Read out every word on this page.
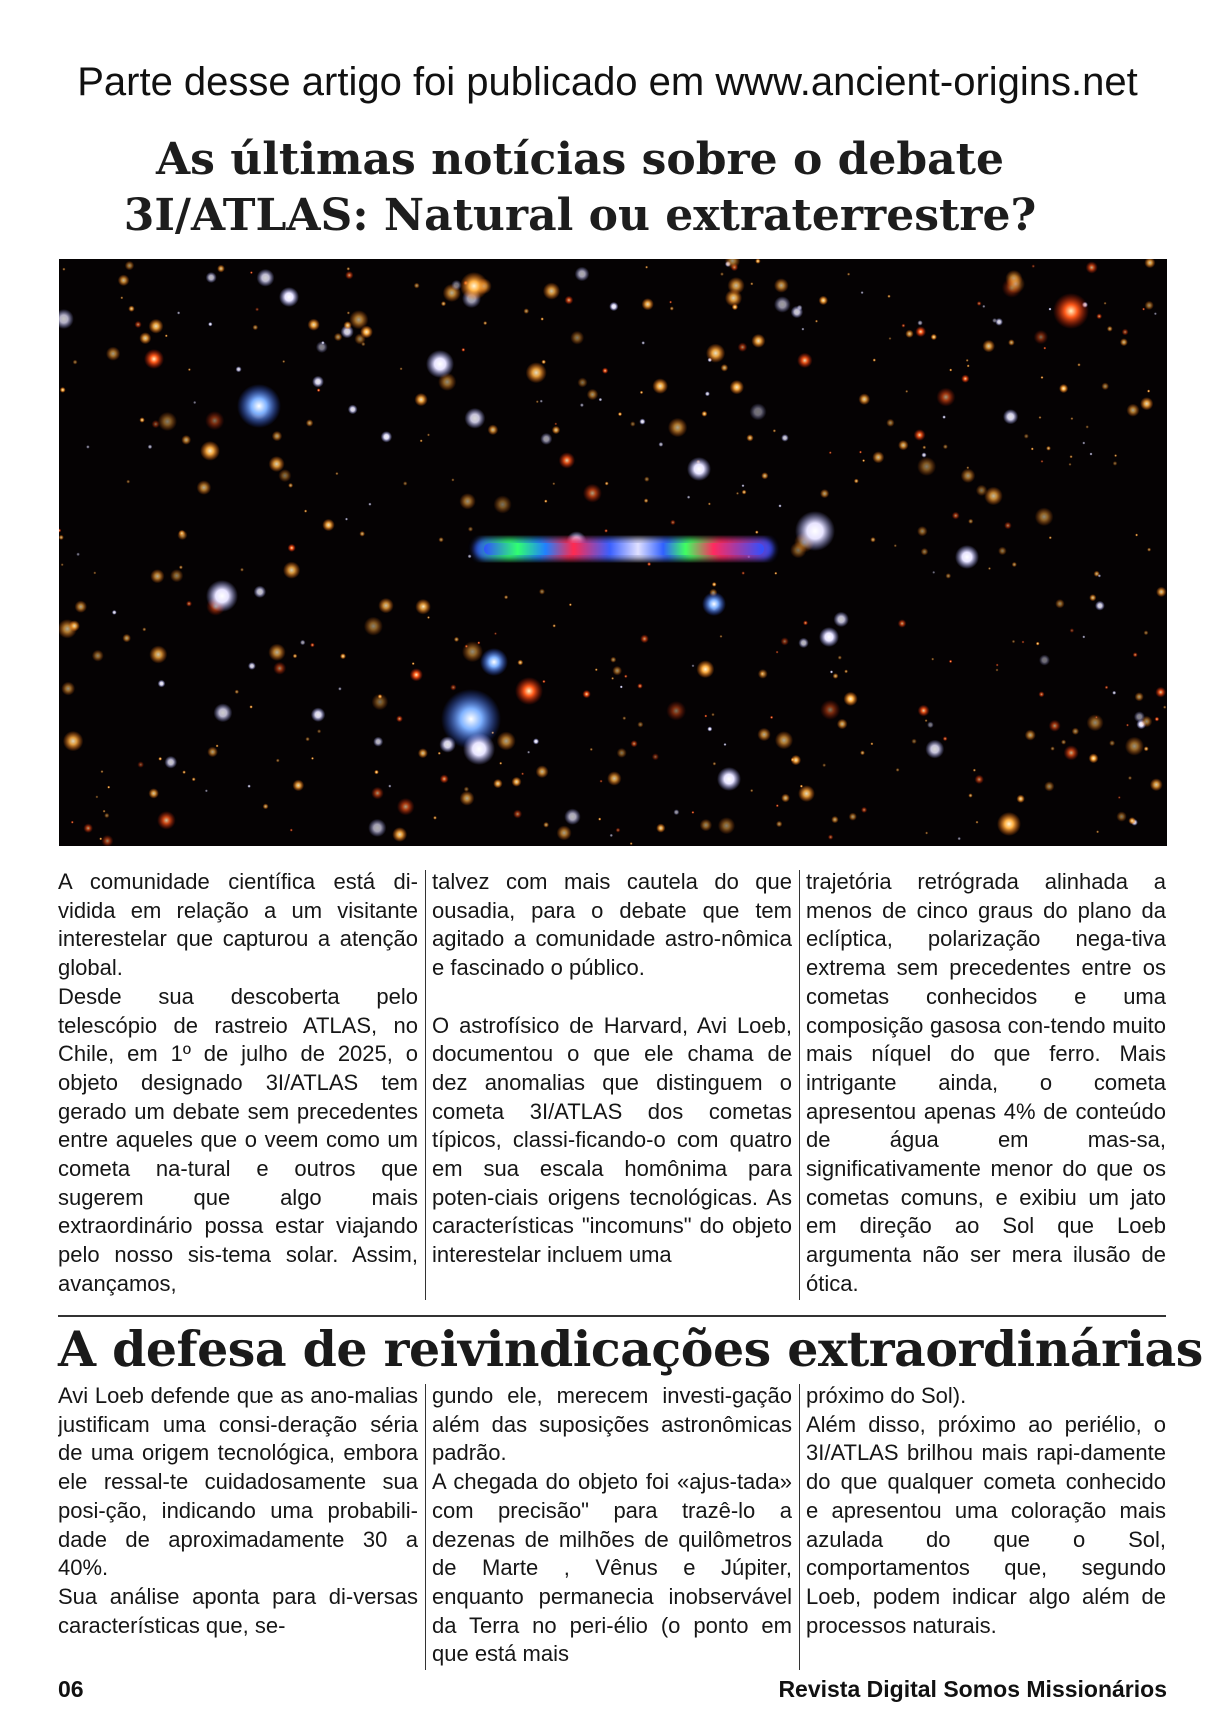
Parte desse artigo foi publicado em www.ancient-origins.net
As últimas notícias sobre o debate
3I/ATLAS: Natural ou extraterrestre?

A comunidade científica está di-vidida em relação a um visitante interestelar que capturou a atenção global.

Desde sua descoberta pelo telescópio de rastreio ATLAS, no Chile, em 1º de julho de 2025, o objeto designado 3I/ATLAS tem gerado um debate sem precedentes entre aqueles que o veem como um cometa na-tural e outros que sugerem que algo mais extraordinário possa estar viajando pelo nosso sis-tema solar. Assim, avançamos,

talvez com mais cautela do que ousadia, para o debate que tem agitado a comunidade astro-nômica e fascinado o público.

O astrofísico de Harvard, Avi Loeb, documentou o que ele chama de dez anomalias que distinguem o cometa 3I/ATLAS dos cometas típicos, classi-ficando-o com quatro em sua escala homônima para poten-ciais origens tecnológicas. As características "incomuns" do objeto interestelar incluem uma

trajetória retrógrada alinhada a menos de cinco graus do plano da eclíptica, polarização nega-tiva extrema sem precedentes entre os cometas conhecidos e uma composição gasosa con-tendo muito mais níquel do que ferro. Mais intrigante ainda, o cometa apresentou apenas 4% de conteúdo de água em mas-sa, significativamente menor do que os cometas comuns, e exibiu um jato em direção ao Sol que Loeb argumenta não ser mera ilusão de ótica.

A defesa de reivindicações extraordinárias

Avi Loeb defende que as ano-malias justificam uma consi-deração séria de uma origem tecnológica, embora ele ressal-te cuidadosamente sua posi-ção, indicando uma probabili-dade de aproximadamente 30 a 40%.

Sua análise aponta para di-versas características que, se-

gundo ele, merecem investi-gação além das suposições astronômicas padrão.

A chegada do objeto foi «ajus-tada» com precisão" para trazê-lo a dezenas de milhões de quilômetros de Marte , Vênus e Júpiter, enquanto permanecia inobservável da Terra no peri-élio (o ponto em que está mais

próximo do Sol).

Além disso, próximo ao periélio, o 3I/ATLAS brilhou mais rapi-damente do que qualquer cometa conhecido e apresentou uma coloração mais azulada do que o Sol, comportamentos que, segundo Loeb, podem indicar algo além de processos naturais.

06	Revista Digital Somos Missionários
